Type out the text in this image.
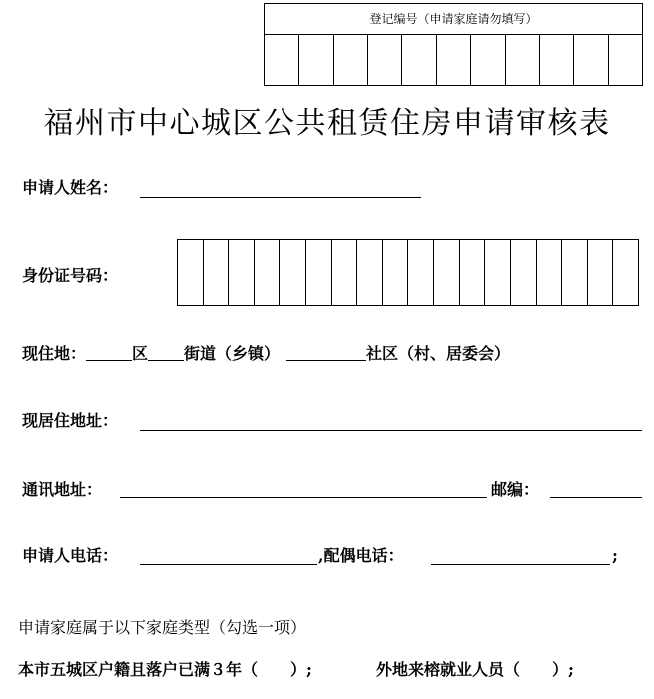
登记编号（申请家庭请勿填写）
福州市中心城区公共租赁住房申请审核表
申请人姓名：
身份证号码：
现住地：	区 街道（乡镇）	社区（村、居委会）
现居住地址：
通讯地址：	邮编：
申请人电话：	,配偶电话：	;
申请家庭属于以下家庭类型（勾选一项）
本市五城区户籍且落户已满３年（　　）;	外地来榕就业人员（　　）;
